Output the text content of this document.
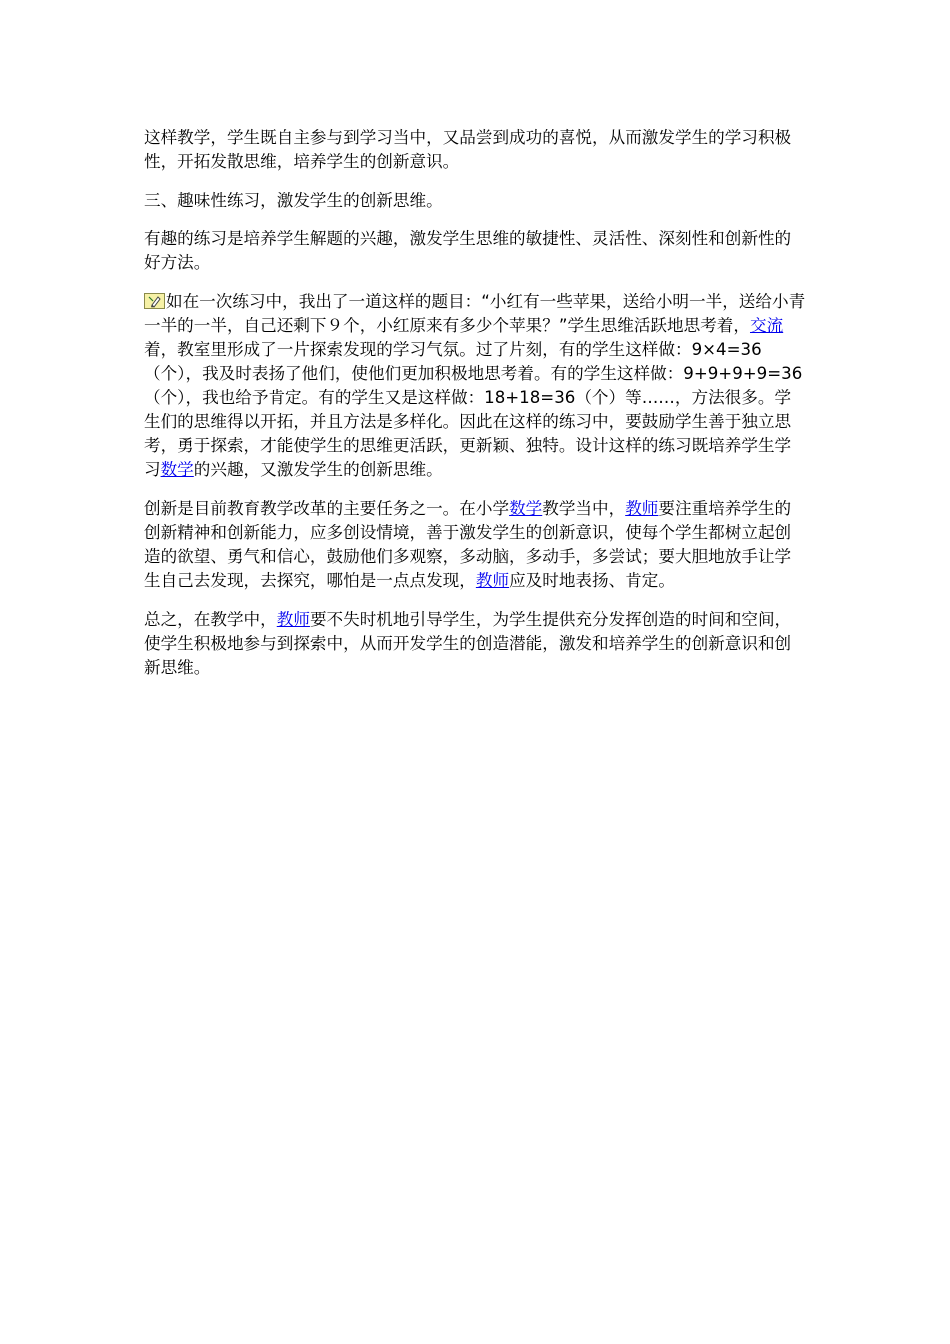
这样教学，学生既自主参与到学习当中，又品尝到成功的喜悦，从而激发学生的学习积极性，开拓发散思维，培养学生的创新意识。

三、趣味性练习，激发学生的创新思维。

有趣的练习是培养学生解题的兴趣，激发学生思维的敏捷性、灵活性、深刻性和创新性的好方法。

如在一次练习中，我出了一道这样的题目：“小红有一些苹果，送给小明一半，送给小青一半的一半，自己还剩下９个，小红原来有多少个苹果？”学生思维活跃地思考着，交流着，教室里形成了一片探索发现的学习气氛。过了片刻，有的学生这样做：9×4=36（个），我及时表扬了他们，使他们更加积极地思考着。有的学生这样做：9+9+9+9=36（个），我也给予肯定。有的学生又是这样做：18+18=36（个）等……，方法很多。学生们的思维得以开拓，并且方法是多样化。因此在这样的练习中，要鼓励学生善于独立思考，勇于探索，才能使学生的思维更活跃，更新颖、独特。设计这样的练习既培养学生学习数学的兴趣，又激发学生的创新思维。

创新是目前教育教学改革的主要任务之一。在小学数学教学当中，教师要注重培养学生的创新精神和创新能力，应多创设情境，善于激发学生的创新意识，使每个学生都树立起创造的欲望、勇气和信心，鼓励他们多观察，多动脑，多动手，多尝试；要大胆地放手让学生自己去发现，去探究，哪怕是一点点发现，教师应及时地表扬、肯定。

总之，在教学中，教师要不失时机地引导学生，为学生提供充分发挥创造的时间和空间，使学生积极地参与到探索中，从而开发学生的创造潜能，激发和培养学生的创新意识和创新思维。
